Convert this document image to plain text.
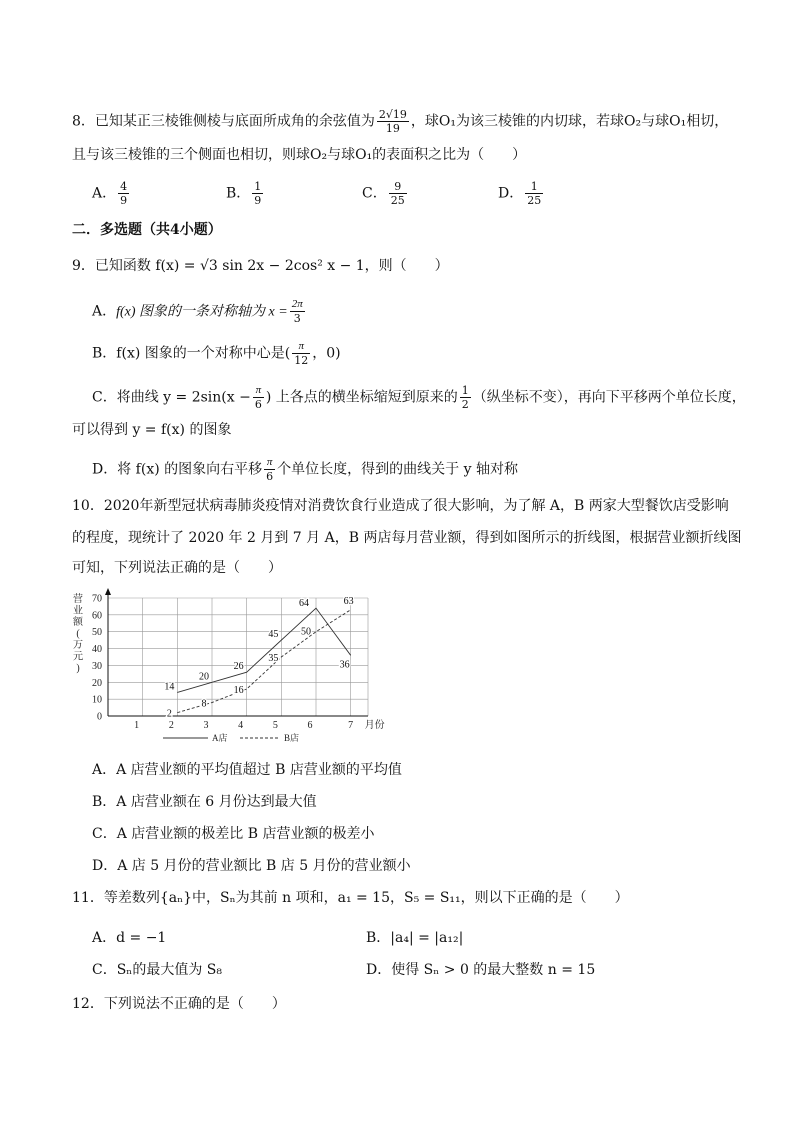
8．已知某正三棱锥侧棱与底面所成角的余弦值为 $\frac{2√19}{19}$ ，球O₁为该三棱锥的内切球，若球O₂与球O₁相切，
且与该三棱锥的三个侧面也相切，则球O₂与球O₁的表面积之比为（　　）
A． $\frac{4}{9}$	B． $\frac{1}{9}$	C． $\frac{9}{25}$	D． $\frac{1}{25}$
二．多选题（共4小题）
9．已知函数 f(x) = √3 sin 2x − 2cos² x − 1，则（　　）
A．f(x) 图象的一条对称轴为 $x = \frac{2\pi}{3}$
B．f(x) 图象的一个对称中心是( $\frac{\pi}{12}$ ，0)
C．将曲线 $y = 2\sin(x - \frac{\pi}{6}$ ) 上各点的横坐标缩短到原来的 $\frac{1}{2}$ （纵坐标不变），再向下平移两个单位长度，
可以得到 y = f(x) 的图象
D．将 f(x) 的图象向右平移 $\frac{\pi}{6}$ 个单位长度，得到的曲线关于 y 轴对称
10．2020年新型冠状病毒肺炎疫情对消费饮食行业造成了很大影响，为了解 A，B 两家大型餐饮店受影响
的程度，现统计了 2020 年 2 月到 7 月 A，B 两店每月营业额，得到如图所示的折线图，根据营业额折线图
可知，下列说法正确的是（　　）
营
业
额
(
万
元
)
0
10
20
30
40
50
60
70
1	2	3	4	5	6	7 月份
14
20
26
45
64
36
2
8
16
35
50
63
A店	B店
A．A 店营业额的平均值超过 B 店营业额的平均值
B．A 店营业额在 6 月份达到最大值
C．A 店营业额的极差比 B 店营业额的极差小
D．A 店 5 月份的营业额比 B 店 5 月份的营业额小
11．等差数列{aₙ}中，Sₙ为其前 n 项和，a₁ = 15，S₅ = S₁₁，则以下正确的是（　　）
A．d = −1	B．|a₄| = |a₁₂|
C．Sₙ的最大值为 S₈	D．使得 Sₙ > 0 的最大整数 n = 15
12．下列说法不正确的是（　　）
